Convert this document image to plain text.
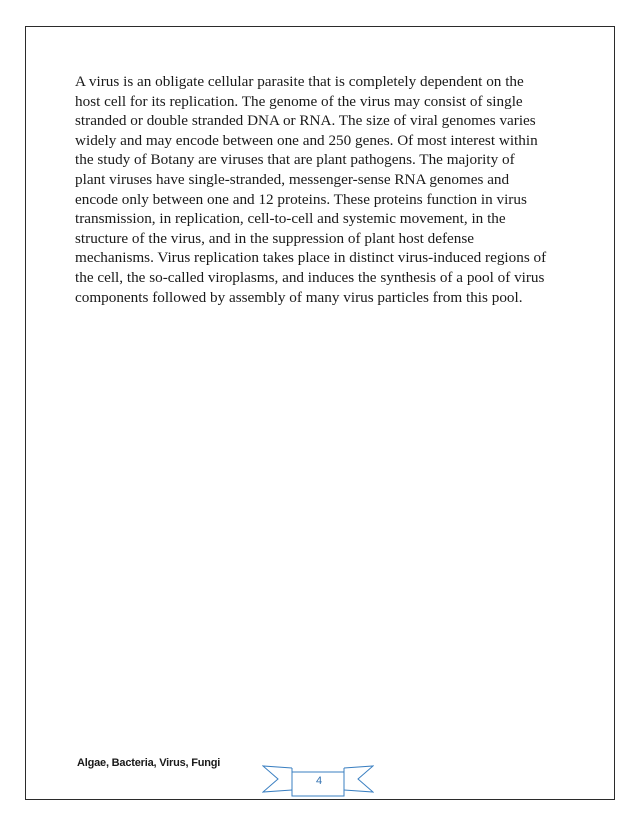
A virus is an obligate cellular parasite that is completely dependent on the
host cell for its replication. The genome of the virus may consist of single
stranded or double stranded DNA or RNA. The size of viral genomes varies
widely and may encode between one and 250 genes. Of most interest within
the study of Botany are viruses that are plant pathogens. The majority of
plant viruses have single-stranded, messenger-sense RNA genomes and
encode only between one and 12 proteins. These proteins function in virus
transmission, in replication, cell-to-cell and systemic movement, in the
structure of the virus, and in the suppression of plant host defense
mechanisms. Virus replication takes place in distinct virus-induced regions of
the cell, the so-called viroplasms, and induces the synthesis of a pool of virus
components followed by assembly of many virus particles from this pool.

Algae, Bacteria, Virus, Fungi
4
